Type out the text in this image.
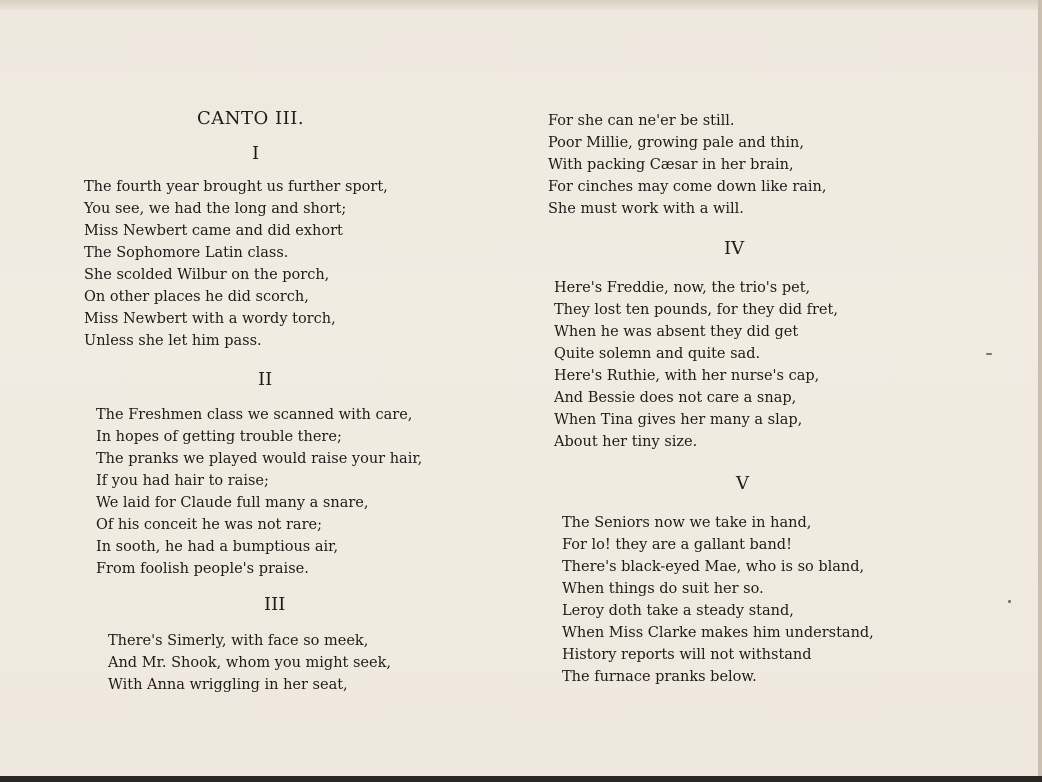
CANTO III.
I
The fourth year brought us further sport,
You see, we had the long and short;
Miss Newbert came and did exhort
The Sophomore Latin class.
She scolded Wilbur on the porch,
On other places he did scorch,
Miss Newbert with a wordy torch,
Unless she let him pass.
II
The Freshmen class we scanned with care,
In hopes of getting trouble there;
The pranks we played would raise your hair,
If you had hair to raise;
We laid for Claude full many a snare,
Of his conceit he was not rare;
In sooth, he had a bumptious air,
From foolish people's praise.
III
There's Simerly, with face so meek,
And Mr. Shook, whom you might seek,
With Anna wriggling in her seat,
For she can ne'er be still.
Poor Millie, growing pale and thin,
With packing Cæsar in her brain,
For cinches may come down like rain,
She must work with a will.
IV
Here's Freddie, now, the trio's pet,
They lost ten pounds, for they did fret,
When he was absent they did get
Quite solemn and quite sad.
Here's Ruthie, with her nurse's cap,
And Bessie does not care a snap,
When Tina gives her many a slap,
About her tiny size.
V
The Seniors now we take in hand,
For lo! they are a gallant band!
There's black-eyed Mae, who is so bland,
When things do suit her so.
Leroy doth take a steady stand,
When Miss Clarke makes him understand,
History reports will not withstand
The furnace pranks below.
